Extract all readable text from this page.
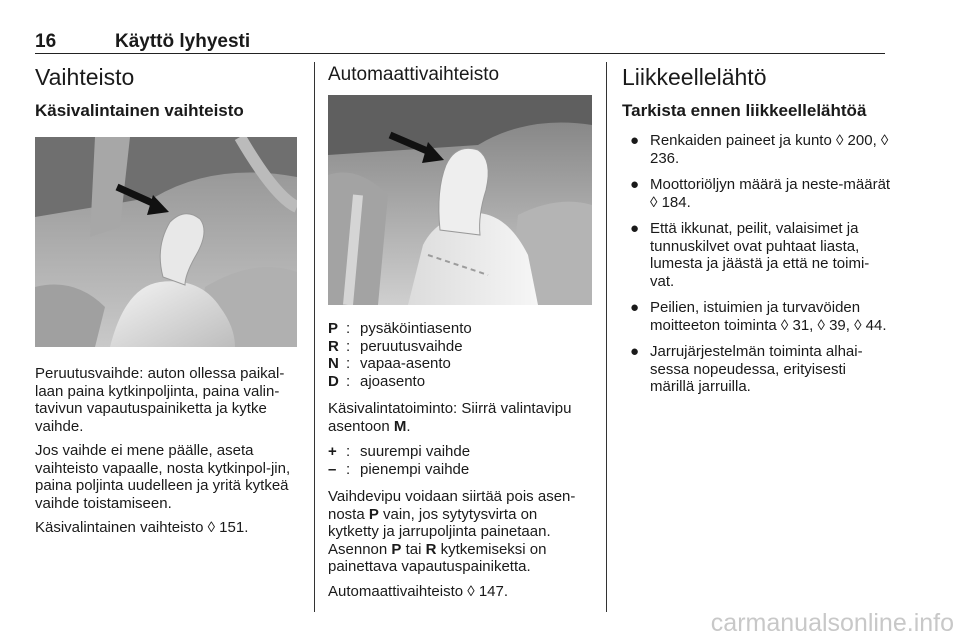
16	Käyttö lyhyesti
Vaihteisto
Käsivalintainen vaihteisto

Peruutusvaihde: auton ollessa paikal-laan paina kytkinpoljinta, paina valin-tavivun vapautuspainiketta ja kytke vaihde.

Jos vaihde ei mene päälle, aseta vaihteisto vapaalle, nosta kytkinpol-jin, paina poljinta uudelleen ja yritä kytkeä vaihde toistamiseen.

Käsivalintainen vaihteisto ◊ 151.

Automaattivaihteisto
P : pysäköintiasento
R : peruutusvaihde
N : vapaa-asento
D : ajoasento

Käsivalintatoiminto: Siirrä valintavipu asentoon M.

+ : suurempi vaihde
– : pienempi vaihde

Vaihdevipu voidaan siirtää pois asen-nosta P vain, jos sytytysvirta on kytketty ja jarrupoljinta painetaan. Asennon P tai R kytkemiseksi on painettava vapautuspainiketta.

Automaattivaihteisto ◊ 147.

Liikkeellelähtö
Tarkista ennen liikkeellelähtöä
● Renkaiden paineet ja kunto ◊ 200, ◊ 236.
● Moottoriöljyn määrä ja neste-määrät ◊ 184.
● Että ikkunat, peilit, valaisimet ja tunnuskilvet ovat puhtaat liasta, lumesta ja jäästä ja että ne toimi-vat.
● Peilien, istuimien ja turvavöiden moitteeton toiminta ◊ 31, ◊ 39, ◊ 44.
● Jarrujärjestelmän toiminta alhai-sessa nopeudessa, erityisesti märillä jarruilla.
carmanualsonline.info
